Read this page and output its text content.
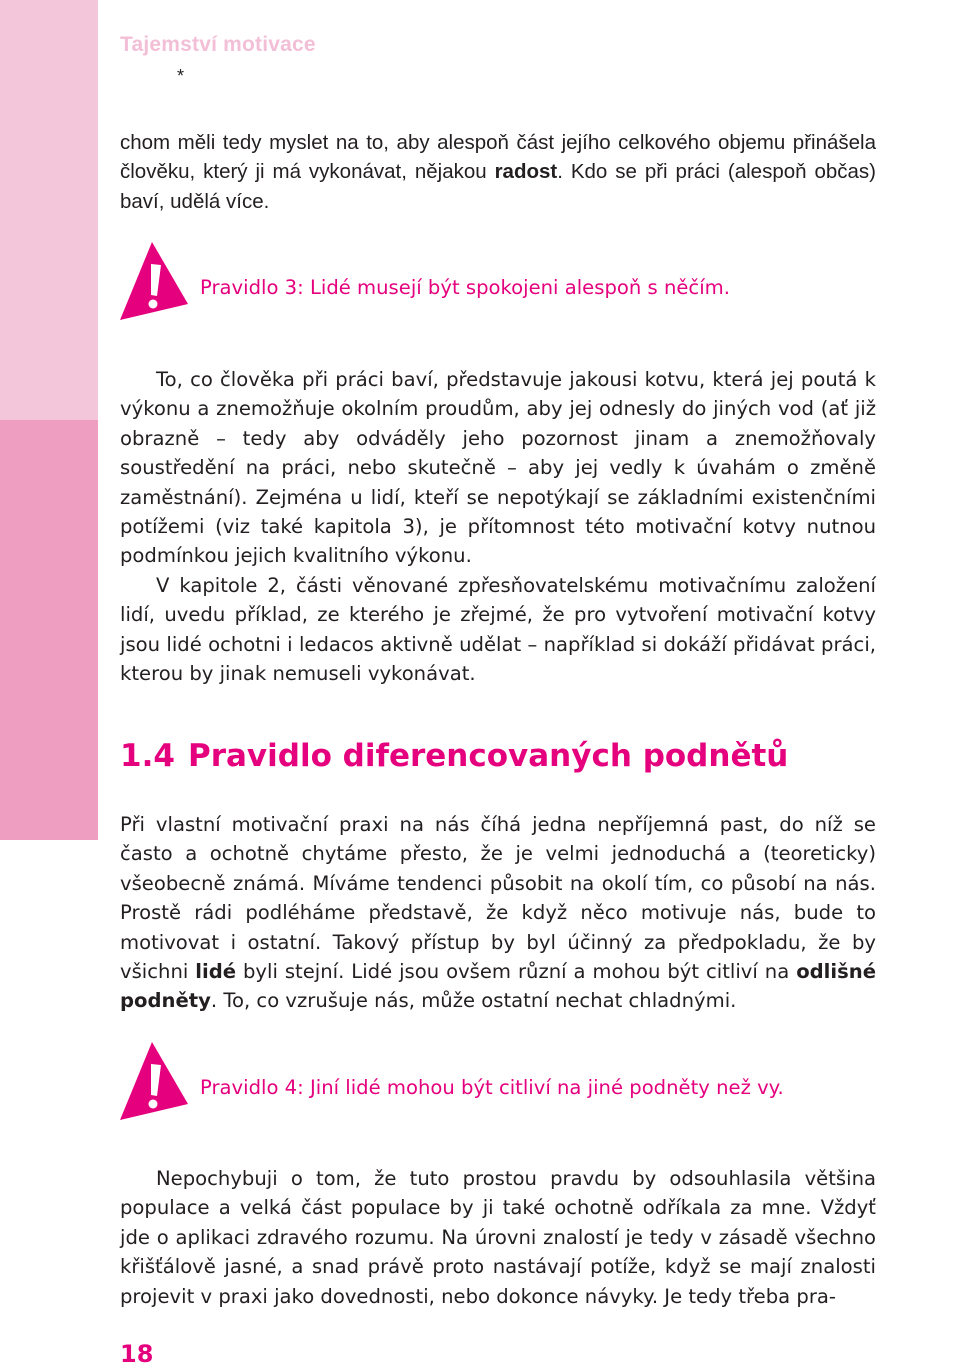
Tajemství motivace
*

chom měli tedy myslet na to, aby alespoň část jejího celkového objemu přinášela člověku, který ji má vykonávat, nějakou radost. Kdo se při práci (alespoň občas) baví, udělá více.

Pravidlo 3: Lidé musejí být spokojeni alespoň s něčím.

To, co člověka při práci baví, představuje jakousi kotvu, která jej poutá k výkonu a znemožňuje okolním proudům, aby jej odnesly do jiných vod (ať již obrazně – tedy aby odváděly jeho pozornost jinam a znemožňovaly soustředění na práci, nebo skutečně – aby jej vedly k úvahám o změně zaměstnání). Zejména u lidí, kteří se nepotýkají se základními existenčními potížemi (viz také kapitola 3), je přítomnost této motivační kotvy nutnou podmínkou jejich kvalitního výkonu.

V kapitole 2, části věnované zpřesňovatelskému motivačnímu založení lidí, uvedu příklad, ze kterého je zřejmé, že pro vytvoření motivační kotvy jsou lidé ochotni i ledacos aktivně udělat – například si dokáží přidávat práci, kterou by jinak nemuseli vykonávat.

1.4 Pravidlo diferencovaných podnětů

Při vlastní motivační praxi na nás číhá jedna nepříjemná past, do níž se často a ochotně chytáme přesto, že je velmi jednoduchá a (teoreticky) všeobecně známá. Míváme tendenci působit na okolí tím, co působí na nás. Prostě rádi podléháme představě, že když něco motivuje nás, bude to motivovat i ostatní. Takový přístup by byl účinný za předpokladu, že by všichni lidé byli stejní. Lidé jsou ovšem různí a mohou být citliví na odlišné podněty. To, co vzrušuje nás, může ostatní nechat chladnými.

Pravidlo 4: Jiní lidé mohou být citliví na jiné podněty než vy.

Nepochybuji o tom, že tuto prostou pravdu by odsouhlasila většina populace a velká část populace by ji také ochotně odříkala za mne. Vždyť jde o aplikaci zdravého rozumu. Na úrovni znalostí je tedy v zásadě všechno křišťálově jasné, a snad právě proto nastávají potíže, když se mají znalosti projevit v praxi jako dovednosti, nebo dokonce návyky. Je tedy třeba pra-

18
